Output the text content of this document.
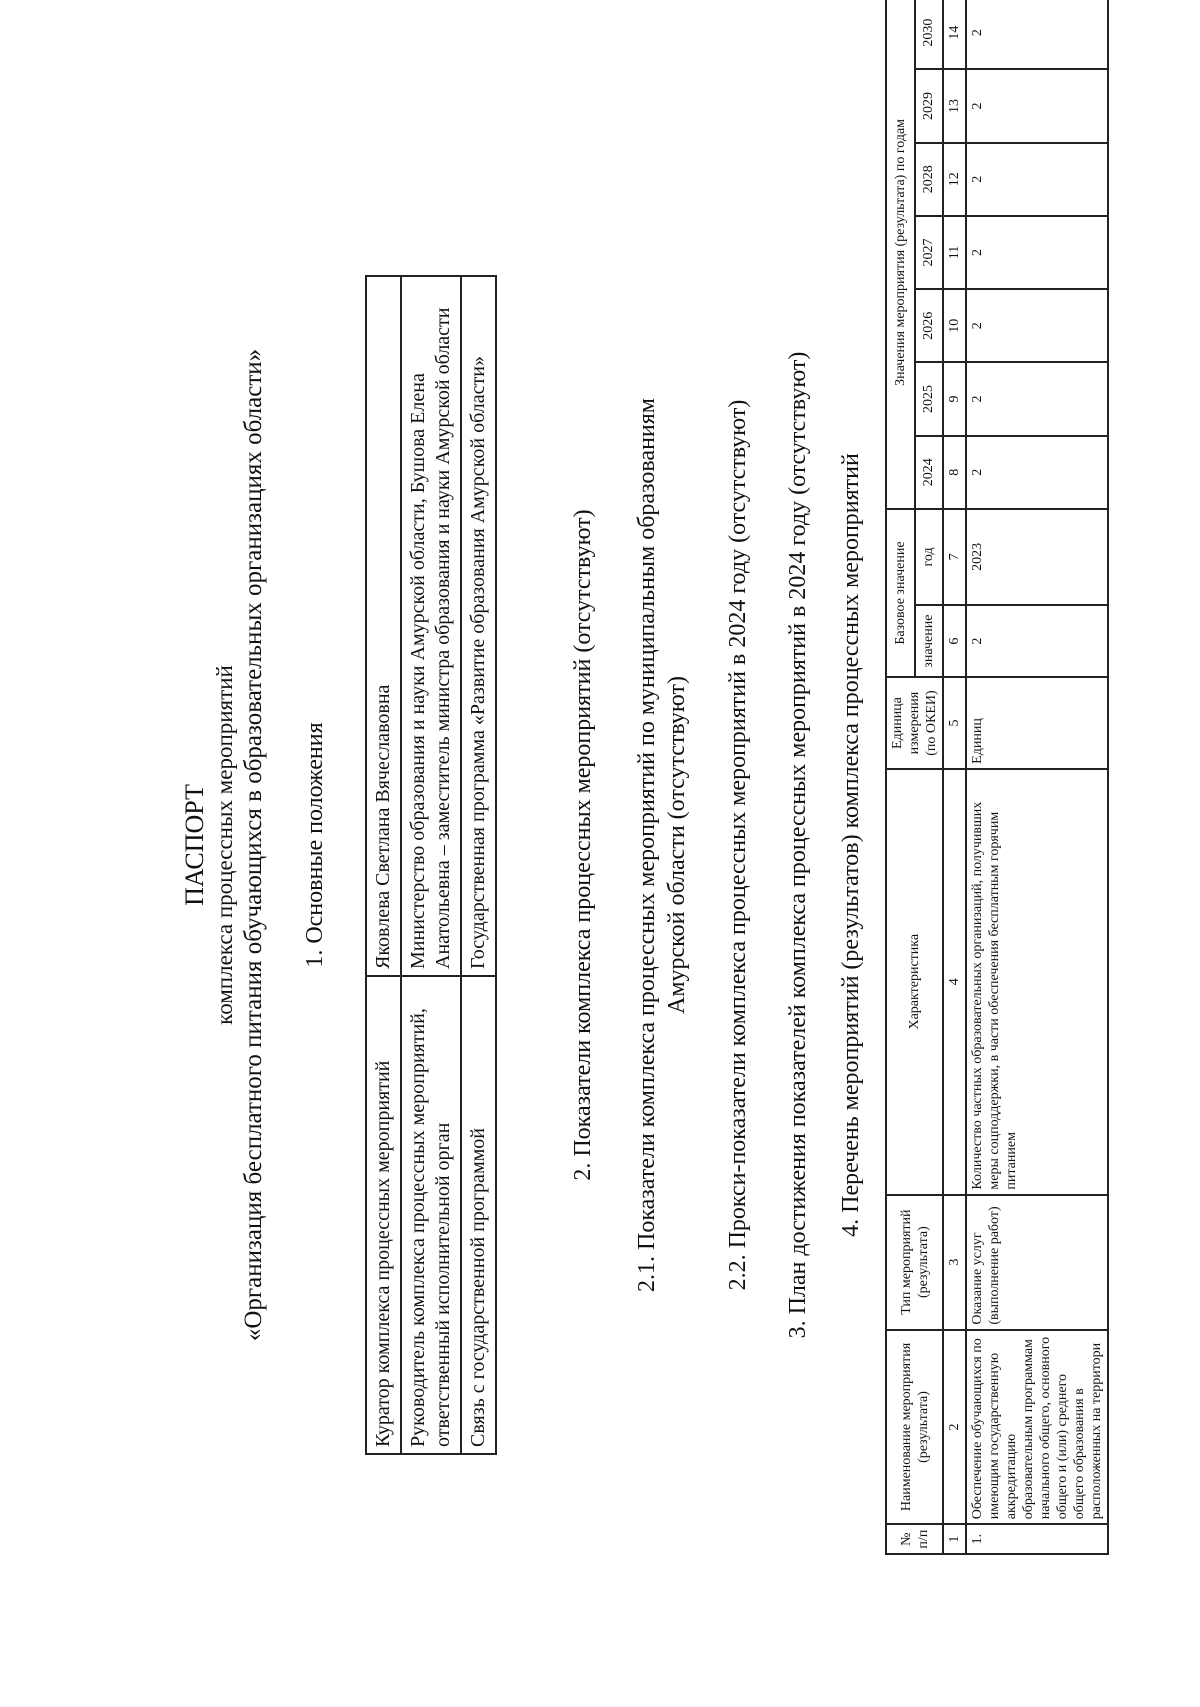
ПАСПОРТ комплекса процессных мероприятий «Организация бесплатного питания обучающихся в образовательных организациях области» 1. Основные положения
Куратор комплекса процессных мероприятий	Яковлева Светлана Вячеславовна
Руководитель комплекса процессных мероприятий, ответственный исполнительной орган	Министерство образования и науки Амурской области, Бушова Елена Анатольевна – заместитель министра образования и науки Амурской области
Связь с государственной программой	Государственная программа «Развитие образования Амурской области»	2. Показатели комплекса процессных мероприятий (отсутствуют) 2.1. Показатели комплекса процессных мероприятий по муниципальным образованиям Амурской области (отсутствуют) 2.2. Прокси-показатели комплекса процессных мероприятий в 2024 году (отсутствуют) 3. План достижения показателей комплекса процессных мероприятий в 2024 году (отсутствуют) 4. Перечень мероприятий (результатов) комплекса процессных мероприятий
№ п/п	Наименование мероприятия (результата)	Тип мероприятий (результата)	Характеристика	Единица измерения (по ОКЕИ)	Базовое значение		Значения мероприятия (результата) по годам						
					значение	год	2024	2025	2026	2027	2028	2029	2030
1	2	3	4	5	6	7	8	9	10	11	12	13	14
1.	Обеспечение обучающихся по имеющим государственную аккредитацию образовательным программам начального общего, основного общего и (или) среднего общего образования в расположенных на территори	Оказание услуг (выполнение работ)	Количество частных образовательных организаций, получивших меры соцподдержки, в части обеспечения бесплатным горячим питанием	Единиц	2	2023	2	2	2	2	2	2	2
